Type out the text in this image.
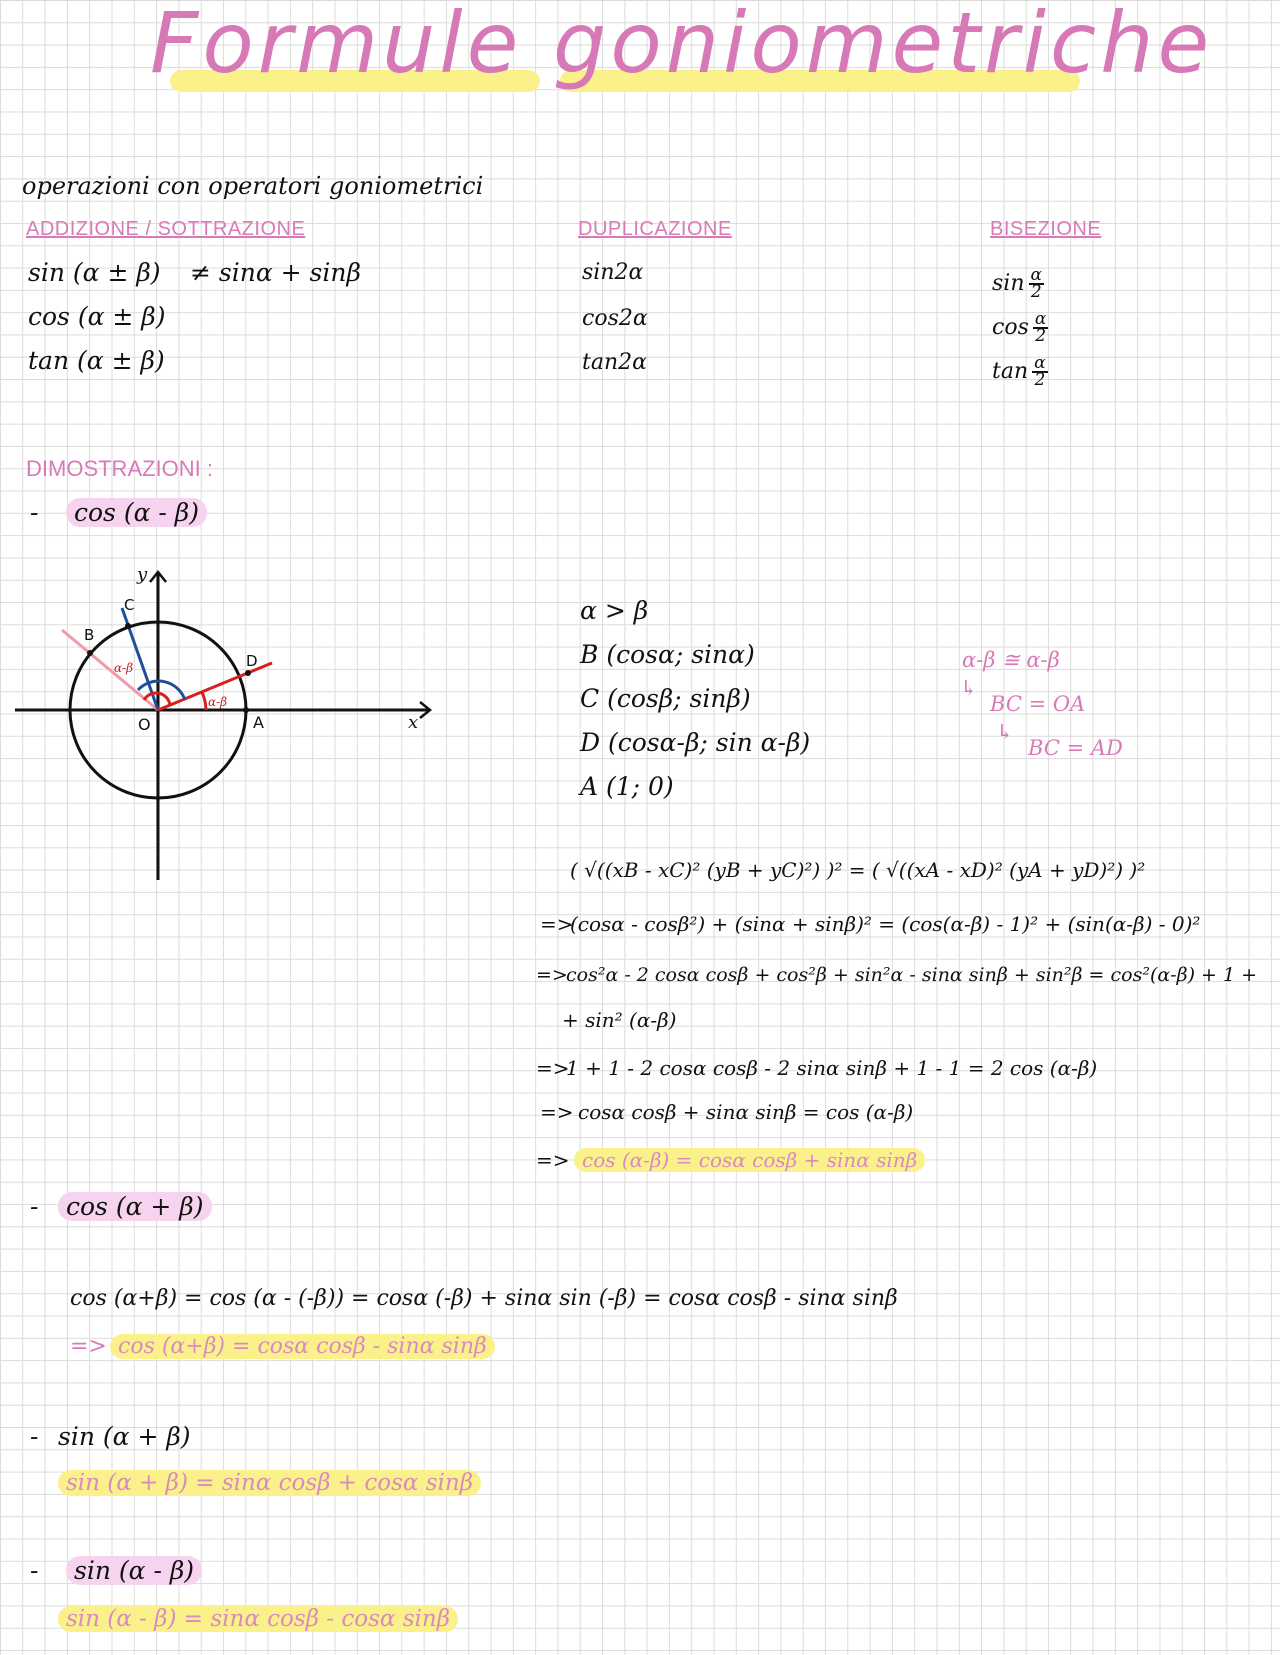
Formule goniometriche
operazioni con operatori goniometrici
ADDIZIONE / SOTTRAZIONE
sin (α ± β) ≠ sinα + sinβ
cos (α ± β)
tan (α ± β)
DUPLICAZIONE
sin2α
cos2α
tan2α
BISEZIONE
$\sin \frac{\alpha}{2}$
$\cos \frac{\alpha}{2}$
$\tan \frac{\alpha}{2}$
DIMOSTRAZIONI :
-	cos (α - β)
y
x
O	A
B
C
D
α-β
α-β
α > β
B (cosα; sinα)
C (cosβ; sinβ)
D (cosα-β; sin α-β)
A (1; 0)
α-β ≅ α-β
↳
BC = OA
↳
BC = AD
( √((xB - xC)² (yB + yC)²) )² = ( √((xA - xD)² (yA + yD)²) )²
=>
(cosα - cosβ²) + (sinα + sinβ)² = (cos(α-β) - 1)² + (sin(α-β) - 0)²
=>
cos²α - 2 cosα cosβ + cos²β + sin²α - sinα sinβ + sin²β = cos²(α-β) + 1 +
+ sin² (α-β)
=>
1 + 1 - 2 cosα cosβ - 2 sinα sinβ + 1 - 1 = 2 cos (α-β)
=> cosα cosβ + sinα sinβ = cos (α-β)
=> cos (α-β) = cosα cosβ + sinα sinβ
-	cos (α + β)
cos (α+β) = cos (α - (-β)) = cosα (-β) + sinα sin (-β) = cosα cosβ - sinα sinβ
=> cos (α+β) = cosα cosβ - sinα sinβ
- sin (α + β)
sin (α + β) = sinα cosβ + cosα sinβ
-	sin (α - β)
sin (α - β) = sinα cosβ - cosα sinβ
